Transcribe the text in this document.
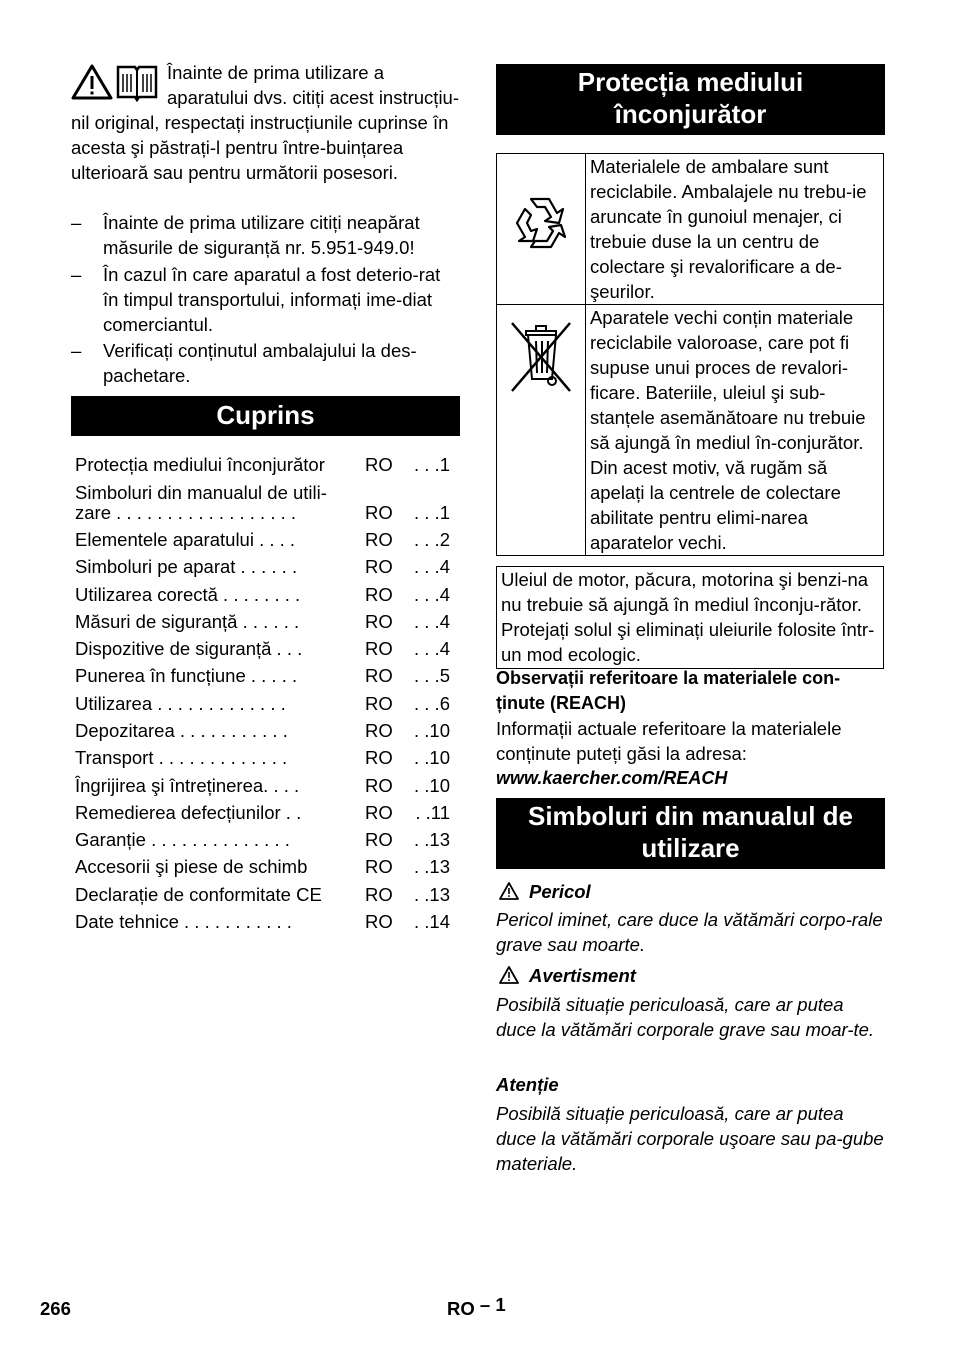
Înainte de prima utilizare a aparatului dvs. citiți acest instrucțiu-

nil original, respectați instrucțiunile cuprinse în acesta şi păstrați-l pentru între-buințarea ulterioară sau pentru următorii posesori.

–	Înainte de prima utilizare citiți neapărat măsurile de siguranță nr. 5.951-949.0!

–	În cazul în care aparatul a fost deterio-rat în timpul transportului, informați ime-diat comerciantul.

–	Verificați conținutul ambalajului la des-pachetare.

Cuprins
Protecția mediului înconjurător	RO . . .1
Simboluri din manualul de utili-
zare . . . . . . . . . . . . . . . . . .	RO . . .1
Elementele aparatului . . . .	RO . . .2
Simboluri pe aparat . . . . . .	RO . . .4
Utilizarea corectă . . . . . . . .	RO . . .4
Măsuri de siguranță . . . . . .	RO . . .4
Dispozitive de siguranță . . .	RO . . .4
Punerea în funcțiune . . . . .	RO . . .5
Utilizarea . . . . . . . . . . . . .	RO . . .6
Depozitarea . . . . . . . . . . .	RO . .10
Transport . . . . . . . . . . . . .	RO . .10
Îngrijirea şi întreținerea. . . .	RO . .10
Remedierea defecțiunilor . .	RO . .11
Garanție . . . . . . . . . . . . . .	RO . .13
Accesorii şi piese de schimb	RO . .13
Declarație de conformitate CE	RO . .13
Date tehnice . . . . . . . . . . .	RO . .14
Protecția mediului
înconjurător

Materialele de ambalare sunt reciclabile. Ambalajele nu trebu-ie aruncate în gunoiul menajer, ci trebuie duse la un centru de colectare şi revalorificare a de-şeurilor.

Aparatele vechi conțin materiale reciclabile valoroase, care pot fi supuse unui proces de revalori-ficare. Bateriile, uleiul şi sub-stanțele asemănătoare nu trebuie să ajungă în mediul în-conjurător. Din acest motiv, vă rugăm să apelați la centrele de colectare abilitate pentru elimi-narea aparatelor vechi.
Uleiul de motor, păcura, motorina şi benzi-na nu trebuie să ajungă în mediul înconju-rător. Protejați solul şi eliminați uleiurile folosite într-un mod ecologic.

Observații referitoare la materialele con-ținute (REACH)

Informații actuale referitoare la materialele conținute puteți găsi la adresa:

www.kaercher.com/REACH

Simboluri din manualul de
utilizare
Pericol

Pericol iminet, care duce la vătămări corpo-rale grave sau moarte.

Avertisment

Posibilă situație periculoasă, care ar putea duce la vătămări corporale grave sau moar-te.

Atenție

Posibilă situație periculoasă, care ar putea duce la vătămări corporale uşoare sau pa-gube materiale.

266	RO – 1
